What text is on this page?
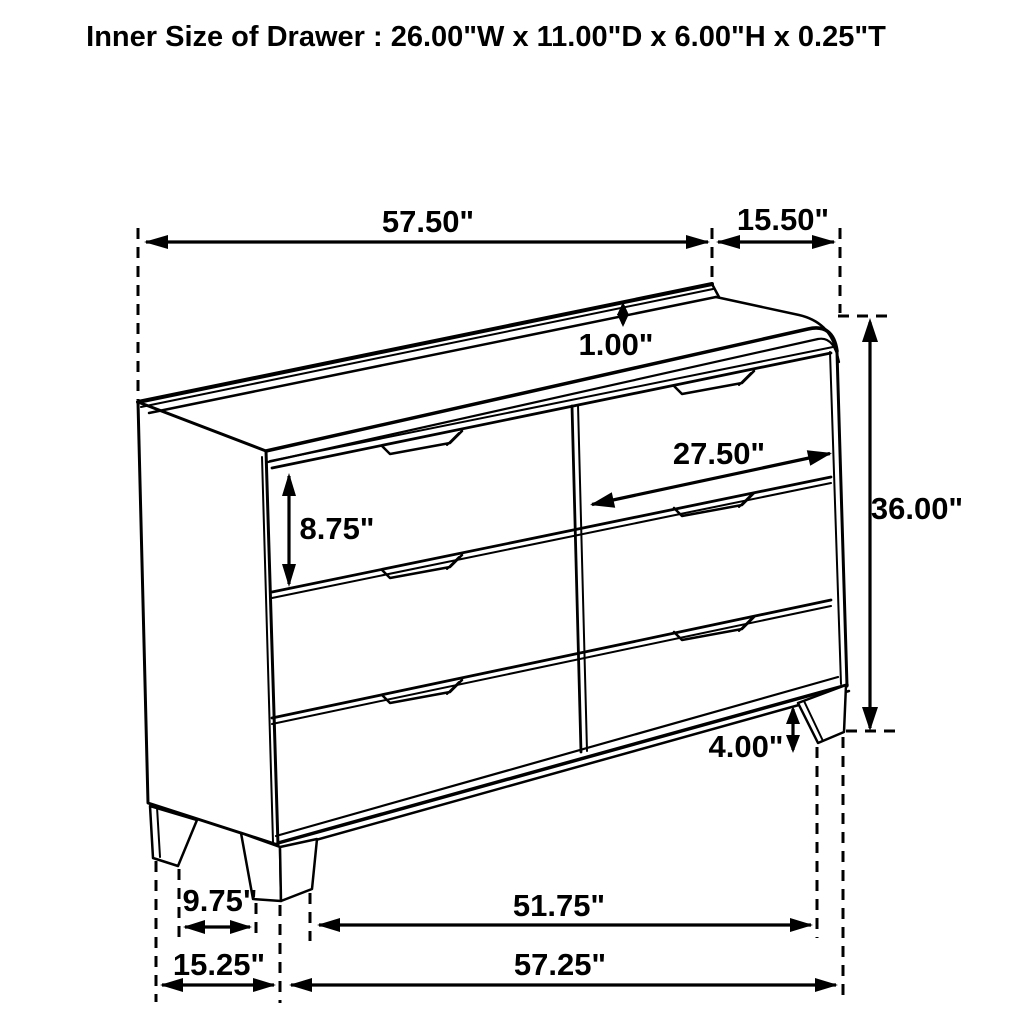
Inner Size of Drawer : 26.00"W x 11.00"D x 6.00"H x 0.25"T
57.50"	15.50"
1.00"
8.75"
27.50"
36.00"
4.00"
9.75"
15.25"
51.75"
57.25"
